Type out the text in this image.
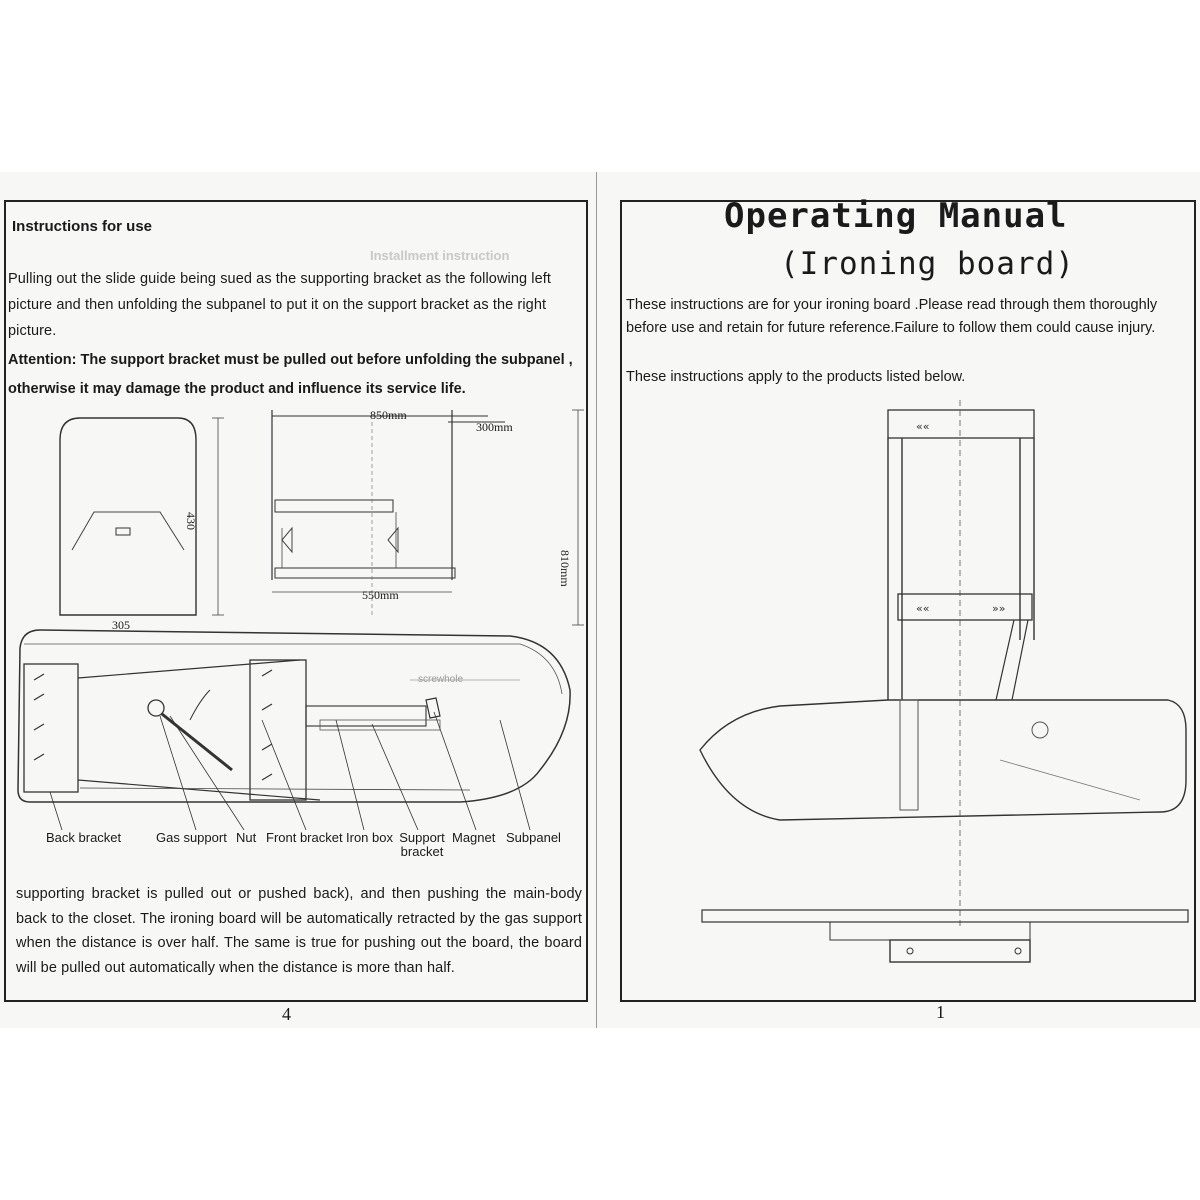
Installment instruction

Instructions for use

Pulling out the slide guide being sued as the supporting bracket as the following left picture and then unfolding the subpanel to put it on the support bracket as the right picture.

Attention: The support bracket must be pulled out before unfolding the subpanel , otherwise it may damage the product and influence its service life.

850mm
300mm
430
810mm
550mm
305
screwhole
Back bracket	Gas support Nut Front bracket Iron box Support bracket
Magnet Subpanel

supporting bracket is pulled out or pushed back), and then pushing the main-body back to the closet. The ironing board will be automatically retracted by the gas support when the distance is over half. The same is true for pushing out the board, the board will be pulled out automatically when the distance is more than half.

4

Operating Manual

(Ironing board)

These instructions are for your ironing board .Please read through them thoroughly before use and retain for future reference.Failure to follow them could cause injury.

These instructions apply to the products listed below.

««
««	»»
1
